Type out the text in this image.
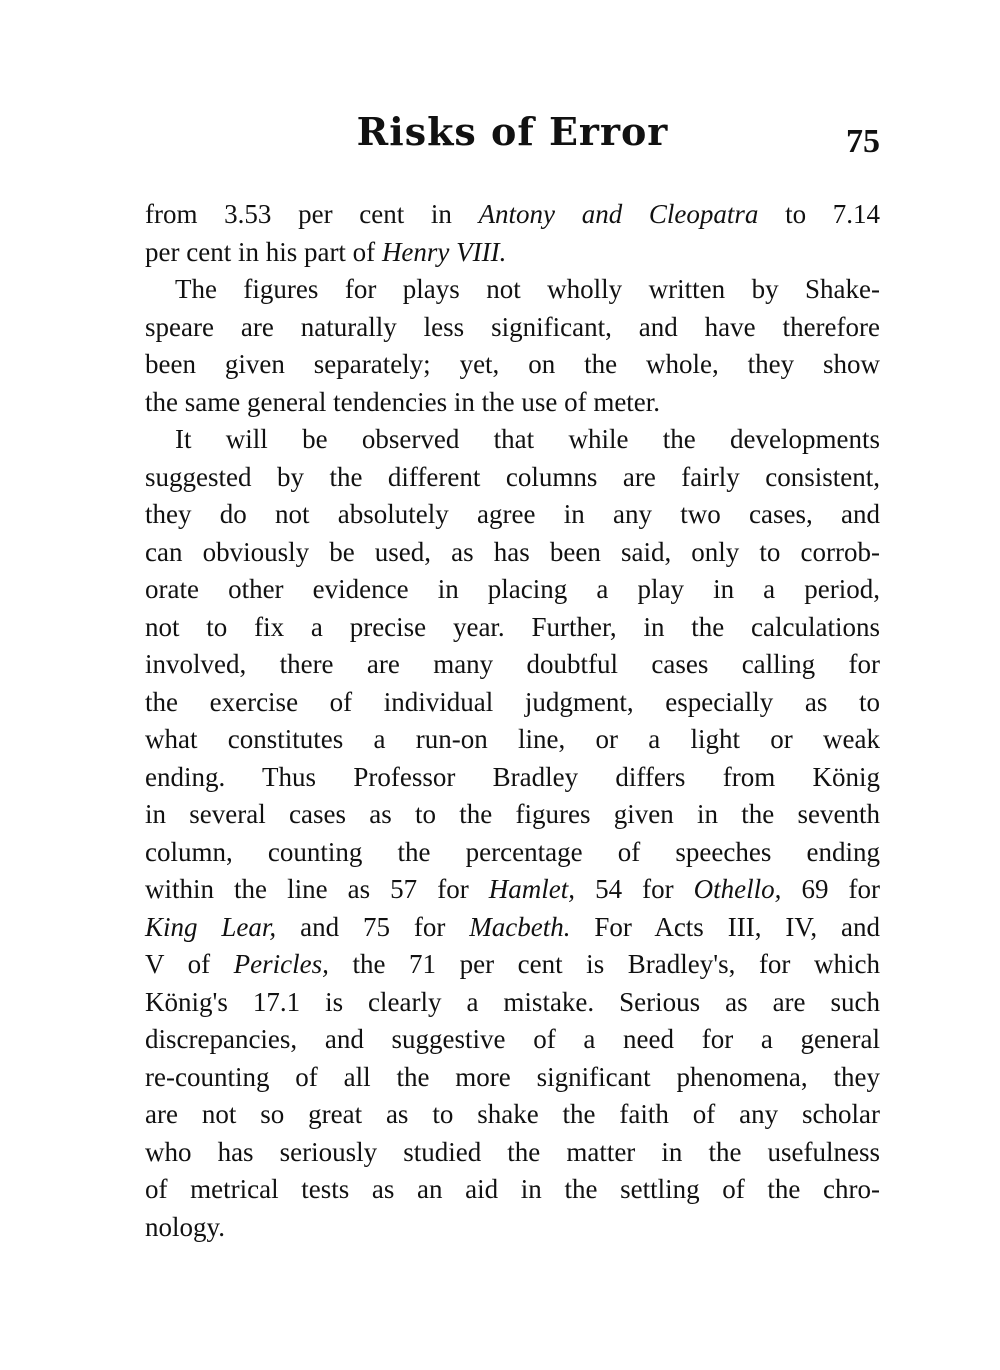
Risks of Error	75
from 3.53 per cent in Antony and Cleopatra to 7.14
per cent in his part of Henry VIII.
The figures for plays not wholly written by Shake-
speare are naturally less significant, and have therefore
been given separately; yet, on the whole, they show
the same general tendencies in the use of meter.
It will be observed that while the developments
suggested by the different columns are fairly consistent,
they do not absolutely agree in any two cases, and
can obviously be used, as has been said, only to corrob-
orate other evidence in placing a play in a period,
not to fix a precise year. Further, in the calculations
involved, there are many doubtful cases calling for
the exercise of individual judgment, especially as to
what constitutes a run-on line, or a light or weak
ending. Thus Professor Bradley differs from König
in several cases as to the figures given in the seventh
column, counting the percentage of speeches ending
within the line as 57 for Hamlet, 54 for Othello, 69 for
King Lear, and 75 for Macbeth. For Acts III, IV, and
V of Pericles, the 71 per cent is Bradley's, for which
König's 17.1 is clearly a mistake. Serious as are such
discrepancies, and suggestive of a need for a general
re-counting of all the more significant phenomena, they
are not so great as to shake the faith of any scholar
who has seriously studied the matter in the usefulness
of metrical tests as an aid in the settling of the chro-
nology.
